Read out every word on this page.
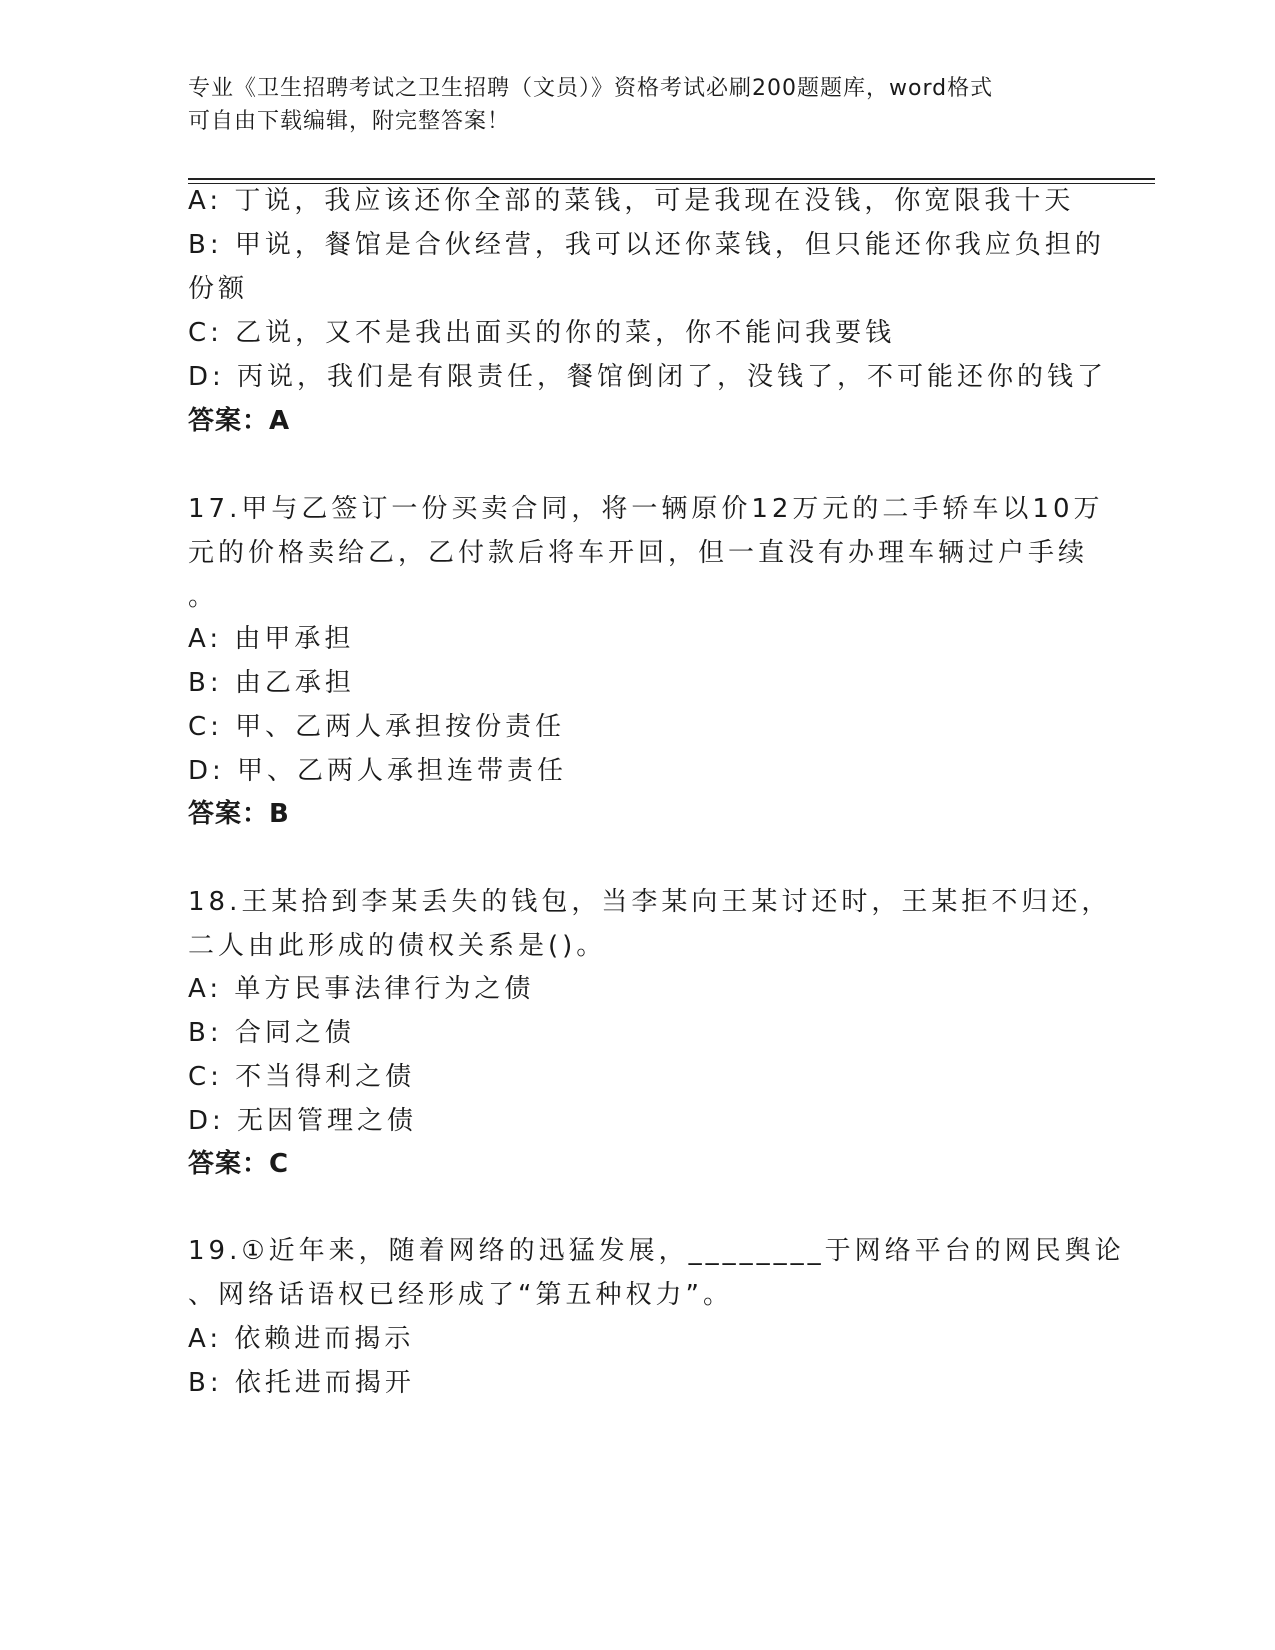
专业《卫生招聘考试之卫生招聘（文员）》资格考试必刷200题题库，word格式
可自由下载编辑，附完整答案！
A: 丁说，我应该还你全部的菜钱，可是我现在没钱，你宽限我十天
B: 甲说，餐馆是合伙经营，我可以还你菜钱，但只能还你我应负担的
份额
C: 乙说，又不是我出面买的你的菜，你不能问我要钱
D: 丙说，我们是有限责任，餐馆倒闭了，没钱了，不可能还你的钱了
答案：A
17.甲与乙签订一份买卖合同，将一辆原价12万元的二手轿车以10万
元的价格卖给乙，乙付款后将车开回，但一直没有办理车辆过户手续
。
A: 由甲承担
B: 由乙承担
C: 甲、乙两人承担按份责任
D: 甲、乙两人承担连带责任
答案：B
18.王某拾到李某丢失的钱包，当李某向王某讨还时，王某拒不归还，
二人由此形成的债权关系是()。
A: 单方民事法律行为之债
B: 合同之债
C: 不当得利之债
D: 无因管理之债
答案：C
19.①近年来，随着网络的迅猛发展，________于网络平台的网民舆论
、网络话语权已经形成了“第五种权力”。
A: 依赖进而揭示
B: 依托进而揭开
